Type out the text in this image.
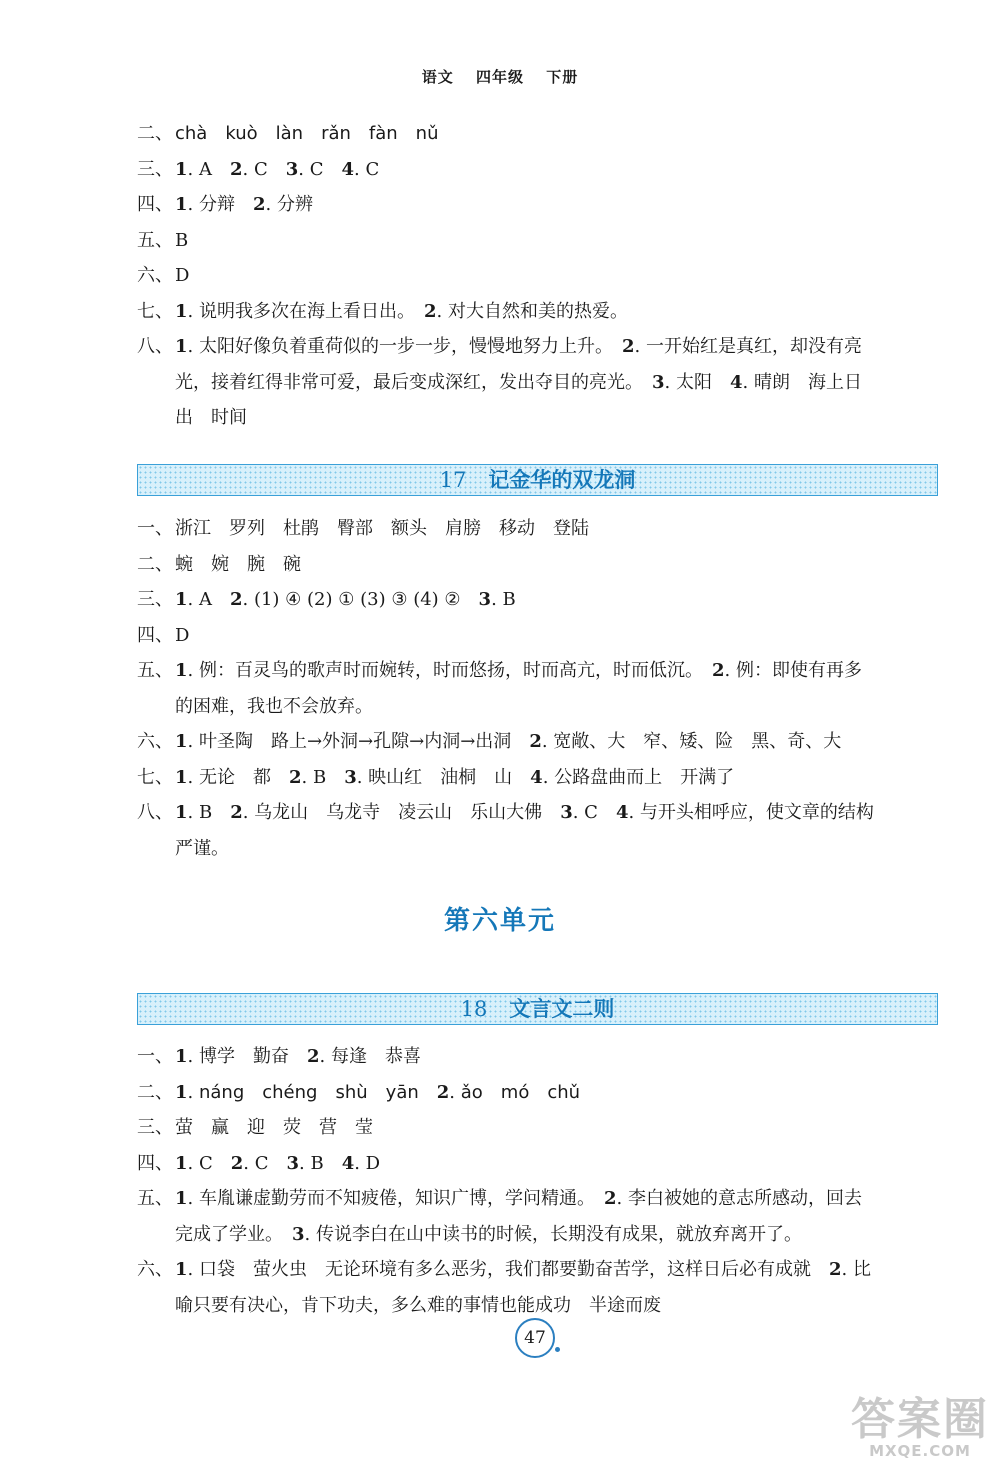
语文 四年级 下册
二、 chà　kuò　làn　rǎn　fàn　nǔ
三、 1. A　2. C　3. C　4. C
四、 1. 分辩　2. 分辨
五、 B
六、 D
七、 1. 说明我多次在海上看日出。　2. 对大自然和美的热爱。
八、 1. 太阳好像负着重荷似的一步一步，慢慢地努力上升。　2. 一开始红是真红，却没有亮
光，接着红得非常可爱，最后变成深红，发出夺目的亮光。　3. 太阳　4. 晴朗　海上日
出　时间
17 记金华的双龙洞
一、 浙江　罗列　杜鹃　臀部　额头　肩膀　移动　登陆
二、 蜿　婉　腕　碗
三、 1. A　2. (1) ④ (2) ① (3) ③ (4) ②　3. B
四、 D
五、 1. 例：百灵鸟的歌声时而婉转，时而悠扬，时而高亢，时而低沉。　2. 例：即使有再多
的困难，我也不会放弃。
六、 1. 叶圣陶　路上→外洞→孔隙→内洞→出洞　2. 宽敞、大　窄、矮、险　黑、奇、大
七、 1. 无论　都　2. B　3. 映山红　油桐　山　4. 公路盘曲而上　开满了
八、 1. B　2. 乌龙山　乌龙寺　凌云山　乐山大佛　3. C　4. 与开头相呼应，使文章的结构
严谨。
第六单元
18 文言文二则
一、 1. 博学　勤奋　2. 每逢　恭喜
二、 1. náng　chéng　shù　yān　 2. ǎo　mó　chǔ
三、 萤　赢　迎　荧　营　莹
四、 1. C　2. C　3. B　4. D
五、 1. 车胤谦虚勤劳而不知疲倦，知识广博，学问精通。　2. 李白被她的意志所感动，回去
完成了学业。　3. 传说李白在山中读书的时候，长期没有成果，就放弃离开了。
六、 1. 口袋　萤火虫　无论环境有多么恶劣，我们都要勤奋苦学，这样日后必有成就　2. 比
喻只要有决心，肯下功夫，多么难的事情也能成功　半途而废
47
答案圈
MXQE.COM
